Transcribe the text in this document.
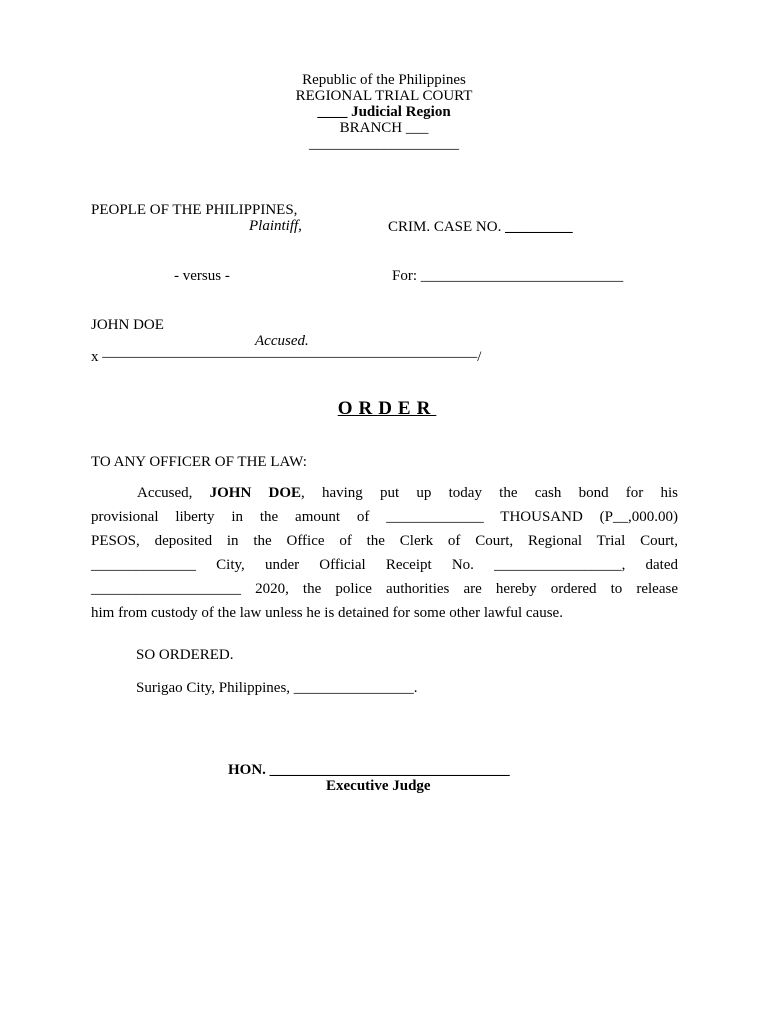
Republic of the Philippines
REGIONAL TRIAL COURT
____ Judicial Region
BRANCH ___
____________________
PEOPLE OF THE PHILIPPINES,
Plaintiff,	CRIM. CASE NO. _________
- versus -	For: ___________________________
JOHN DOE
Accused.
x —————————————————————————/
ORDER
TO ANY OFFICER OF THE LAW:
Accused, JOHN DOE, having put up today the cash bond for his
provisional liberty in the amount of _____________ THOUSAND (P__,000.00)
PESOS, deposited in the Office of the Clerk of Court, Regional Trial Court,
______________ City, under Official Receipt No. _________________, dated
____________________ 2020, the police authorities are hereby ordered to release
him from custody of the law unless he is detained for some other lawful cause.
SO ORDERED.
Surigao City, Philippines, ________________.
HON. ________________________________
Executive Judge
